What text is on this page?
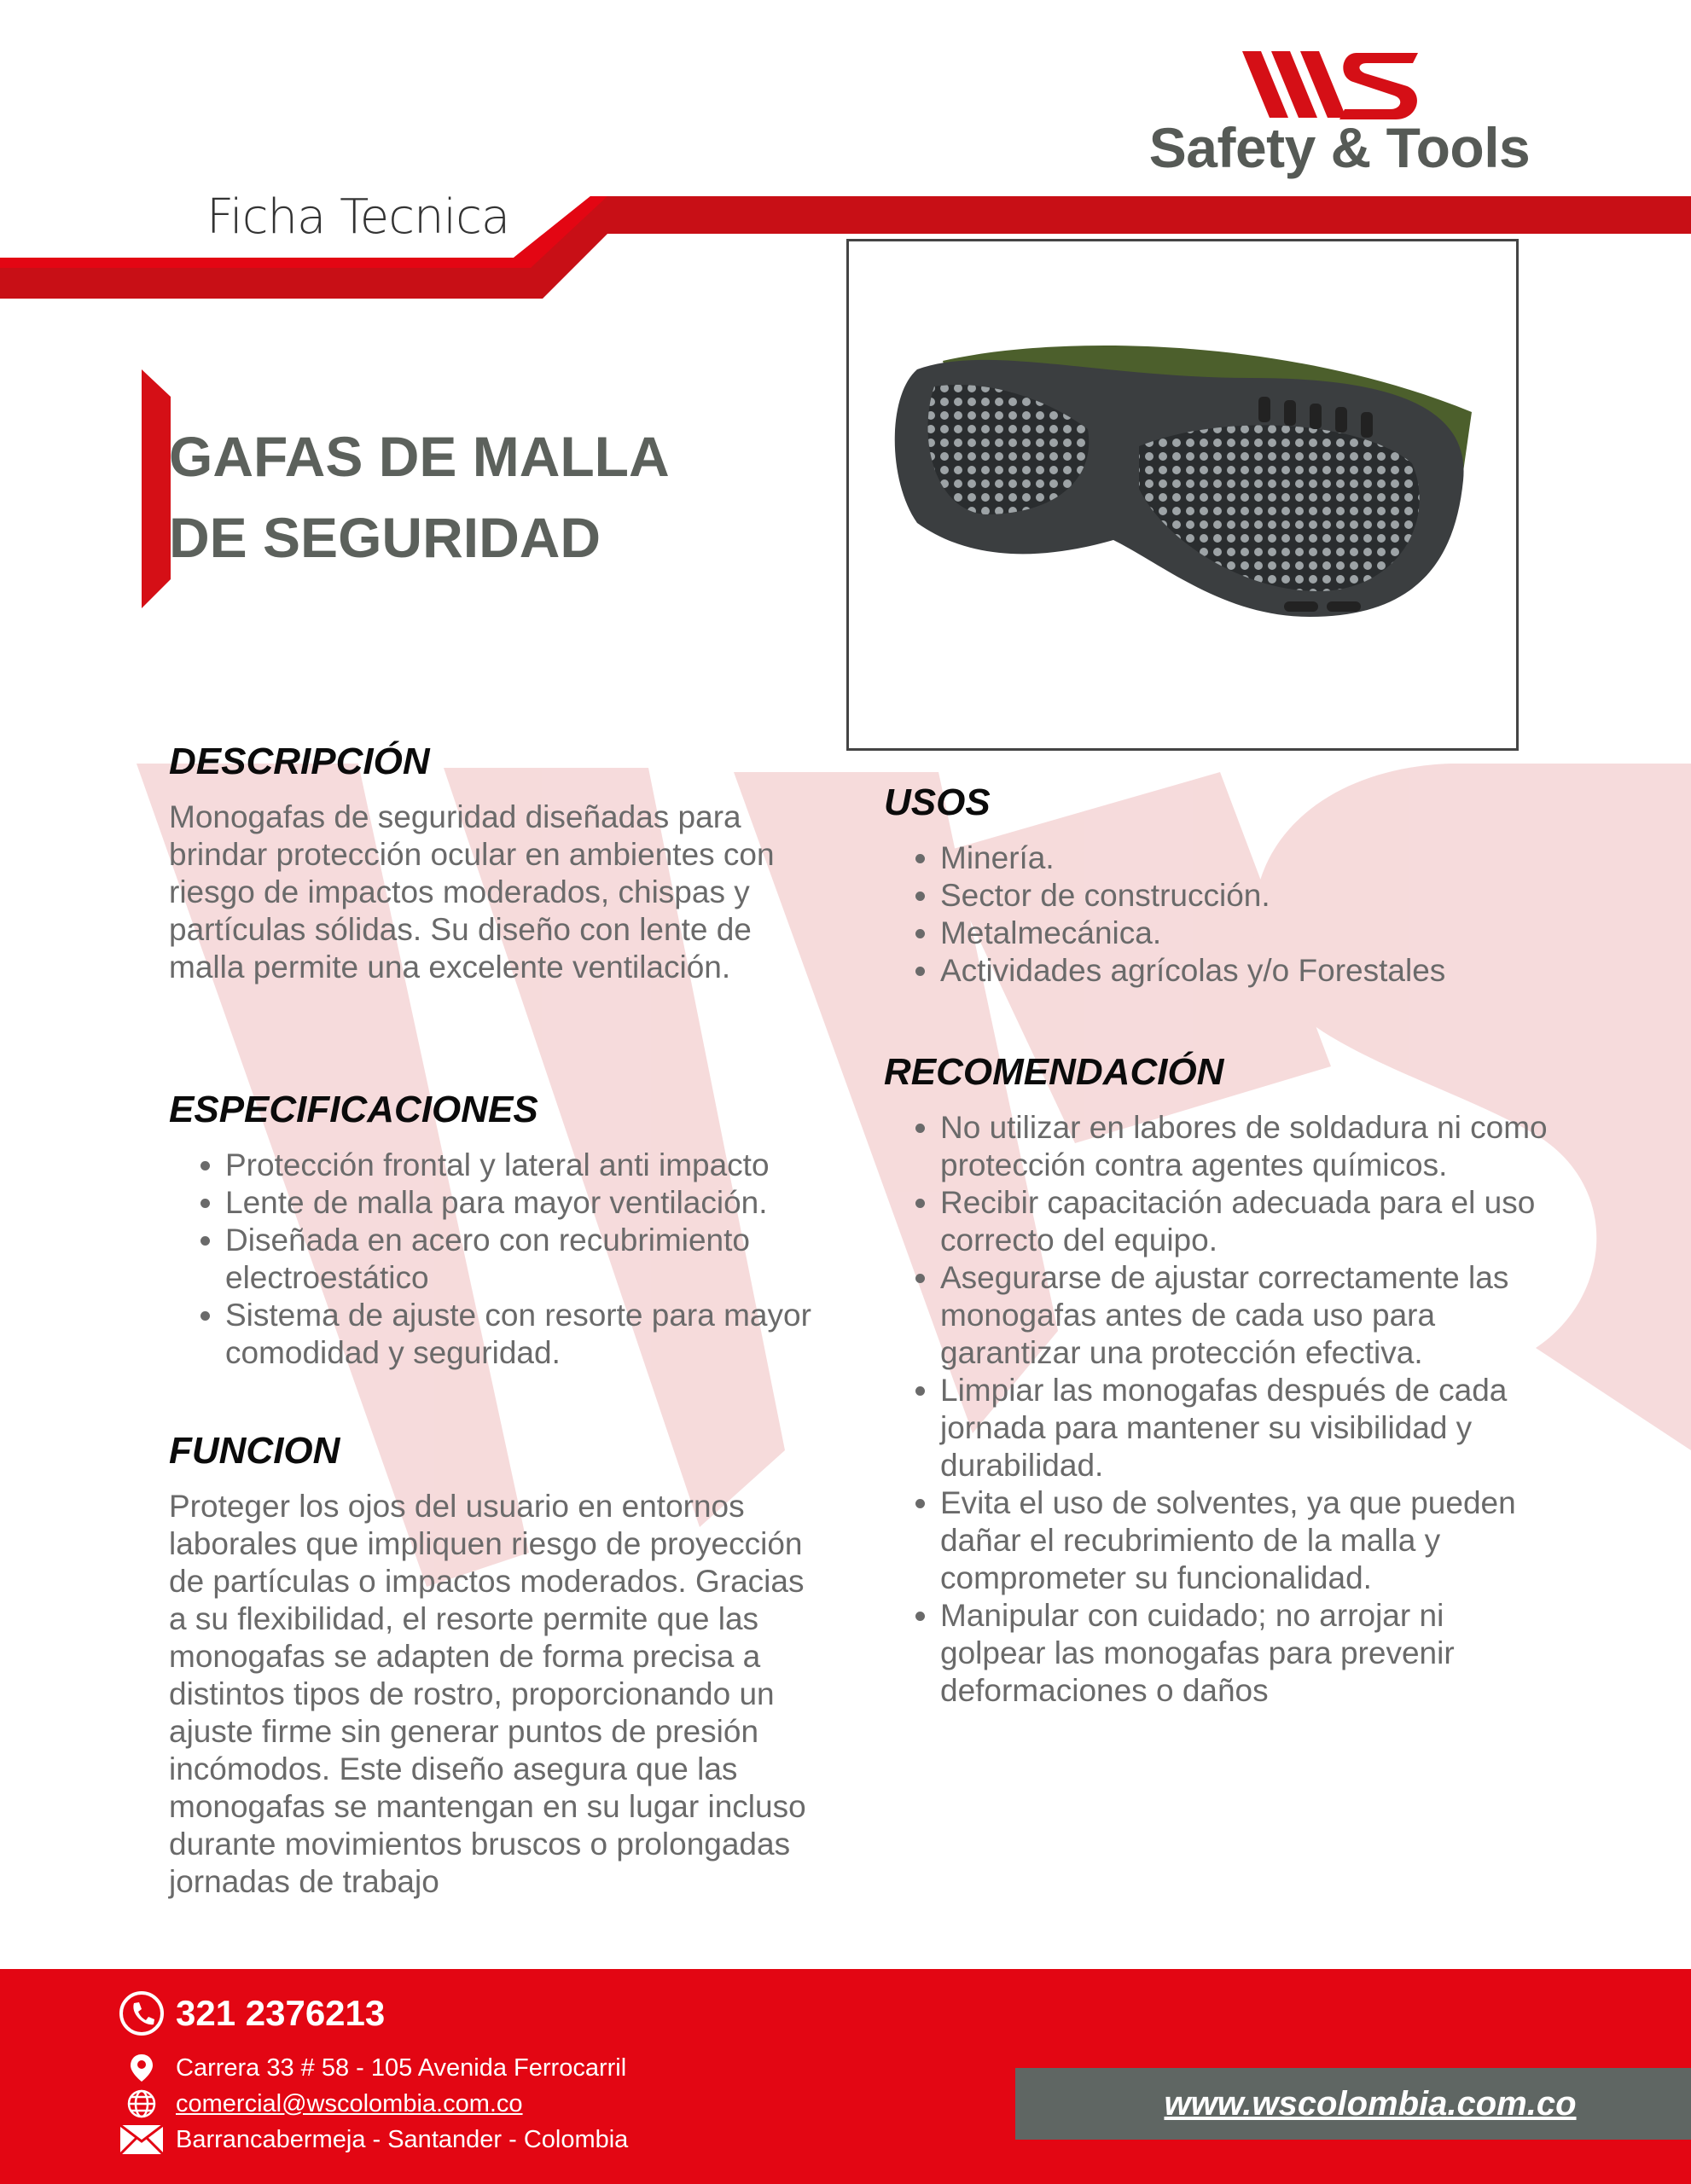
Safety & Tools
Ficha Tecnica
GAFAS DE MALLA
DE SEGURIDAD
DESCRIPCIÓN
Monogafas de seguridad diseñadas para brindar protección ocular en ambientes con riesgo de impactos moderados, chispas y partículas sólidas. Su diseño con lente de malla permite una excelente ventilación.
ESPECIFICACIONES
• Protección frontal y lateral anti impacto
• Lente de malla para mayor ventilación.
• Diseñada en acero con recubrimiento electroestático
• Sistema de ajuste con resorte para mayor comodidad y seguridad.
FUNCION
Proteger los ojos del usuario en entornos laborales que impliquen riesgo de proyección de partículas o impactos moderados. Gracias a su flexibilidad, el resorte permite que las monogafas se adapten de forma precisa a distintos tipos de rostro, proporcionando un ajuste firme sin generar puntos de presión incómodos. Este diseño asegura que las monogafas se mantengan en su lugar incluso durante movimientos bruscos o prolongadas jornadas de trabajo
USOS
• Minería.
• Sector de construcción.
• Metalmecánica.
• Actividades agrícolas y/o Forestales
RECOMENDACIÓN
• No utilizar en labores de soldadura ni como protección contra agentes químicos.
• Recibir capacitación adecuada para el uso correcto del equipo.
• Asegurarse de ajustar correctamente las monogafas antes de cada uso para garantizar una protección efectiva.
• Limpiar las monogafas después de cada jornada para mantener su visibilidad y durabilidad.
• Evita el uso de solventes, ya que pueden dañar el recubrimiento de la malla y comprometer su funcionalidad.
• Manipular con cuidado; no arrojar ni golpear las monogafas para prevenir deformaciones o daños
321 2376213
Carrera 33 # 58 - 105 Avenida Ferrocarril
comercial@wscolombia.com.co
Barrancabermeja - Santander - Colombia
www.wscolombia.com.co
